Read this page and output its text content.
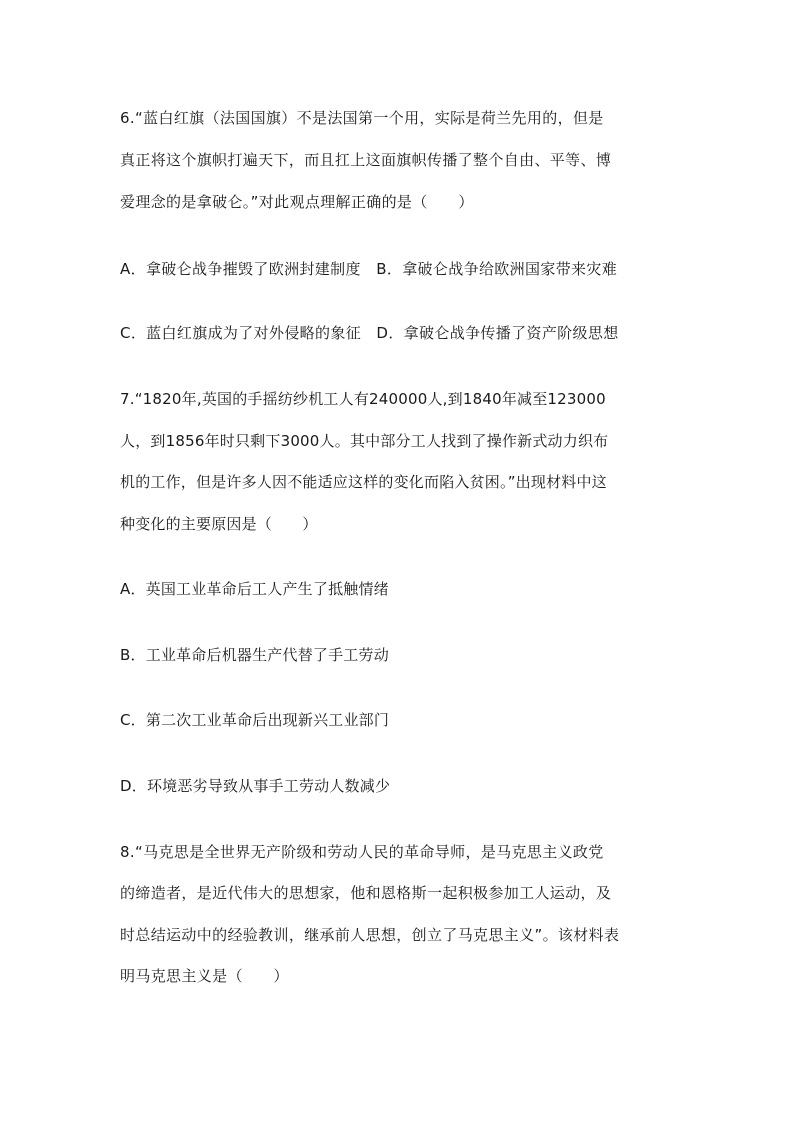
6.“蓝白红旗（法国国旗）不是法国第一个用，实际是荷兰先用的，但是
真正将这个旗帜打遍天下，而且扛上这面旗帜传播了整个自由、平等、博
爱理念的是拿破仑。”对此观点理解正确的是（　　）
A．拿破仑战争摧毁了欧洲封建制度　B．拿破仑战争给欧洲国家带来灾难
C．蓝白红旗成为了对外侵略的象征　D．拿破仑战争传播了资产阶级思想
7.“1820年,英国的手摇纺纱机工人有240000人,到1840年减至123000
人，到1856年时只剩下3000人。其中部分工人找到了操作新式动力织布
机的工作，但是许多人因不能适应这样的变化而陷入贫困。”出现材料中这
种变化的主要原因是（　　）
A．英国工业革命后工人产生了抵触情绪
B．工业革命后机器生产代替了手工劳动
C．第二次工业革命后出现新兴工业部门
D．环境恶劣导致从事手工劳动人数减少
8.“马克思是全世界无产阶级和劳动人民的革命导师，是马克思主义政党
的缔造者，是近代伟大的思想家，他和恩格斯一起积极参加工人运动，及
时总结运动中的经验教训，继承前人思想，创立了马克思主义”。该材料表
明马克思主义是（　　）
